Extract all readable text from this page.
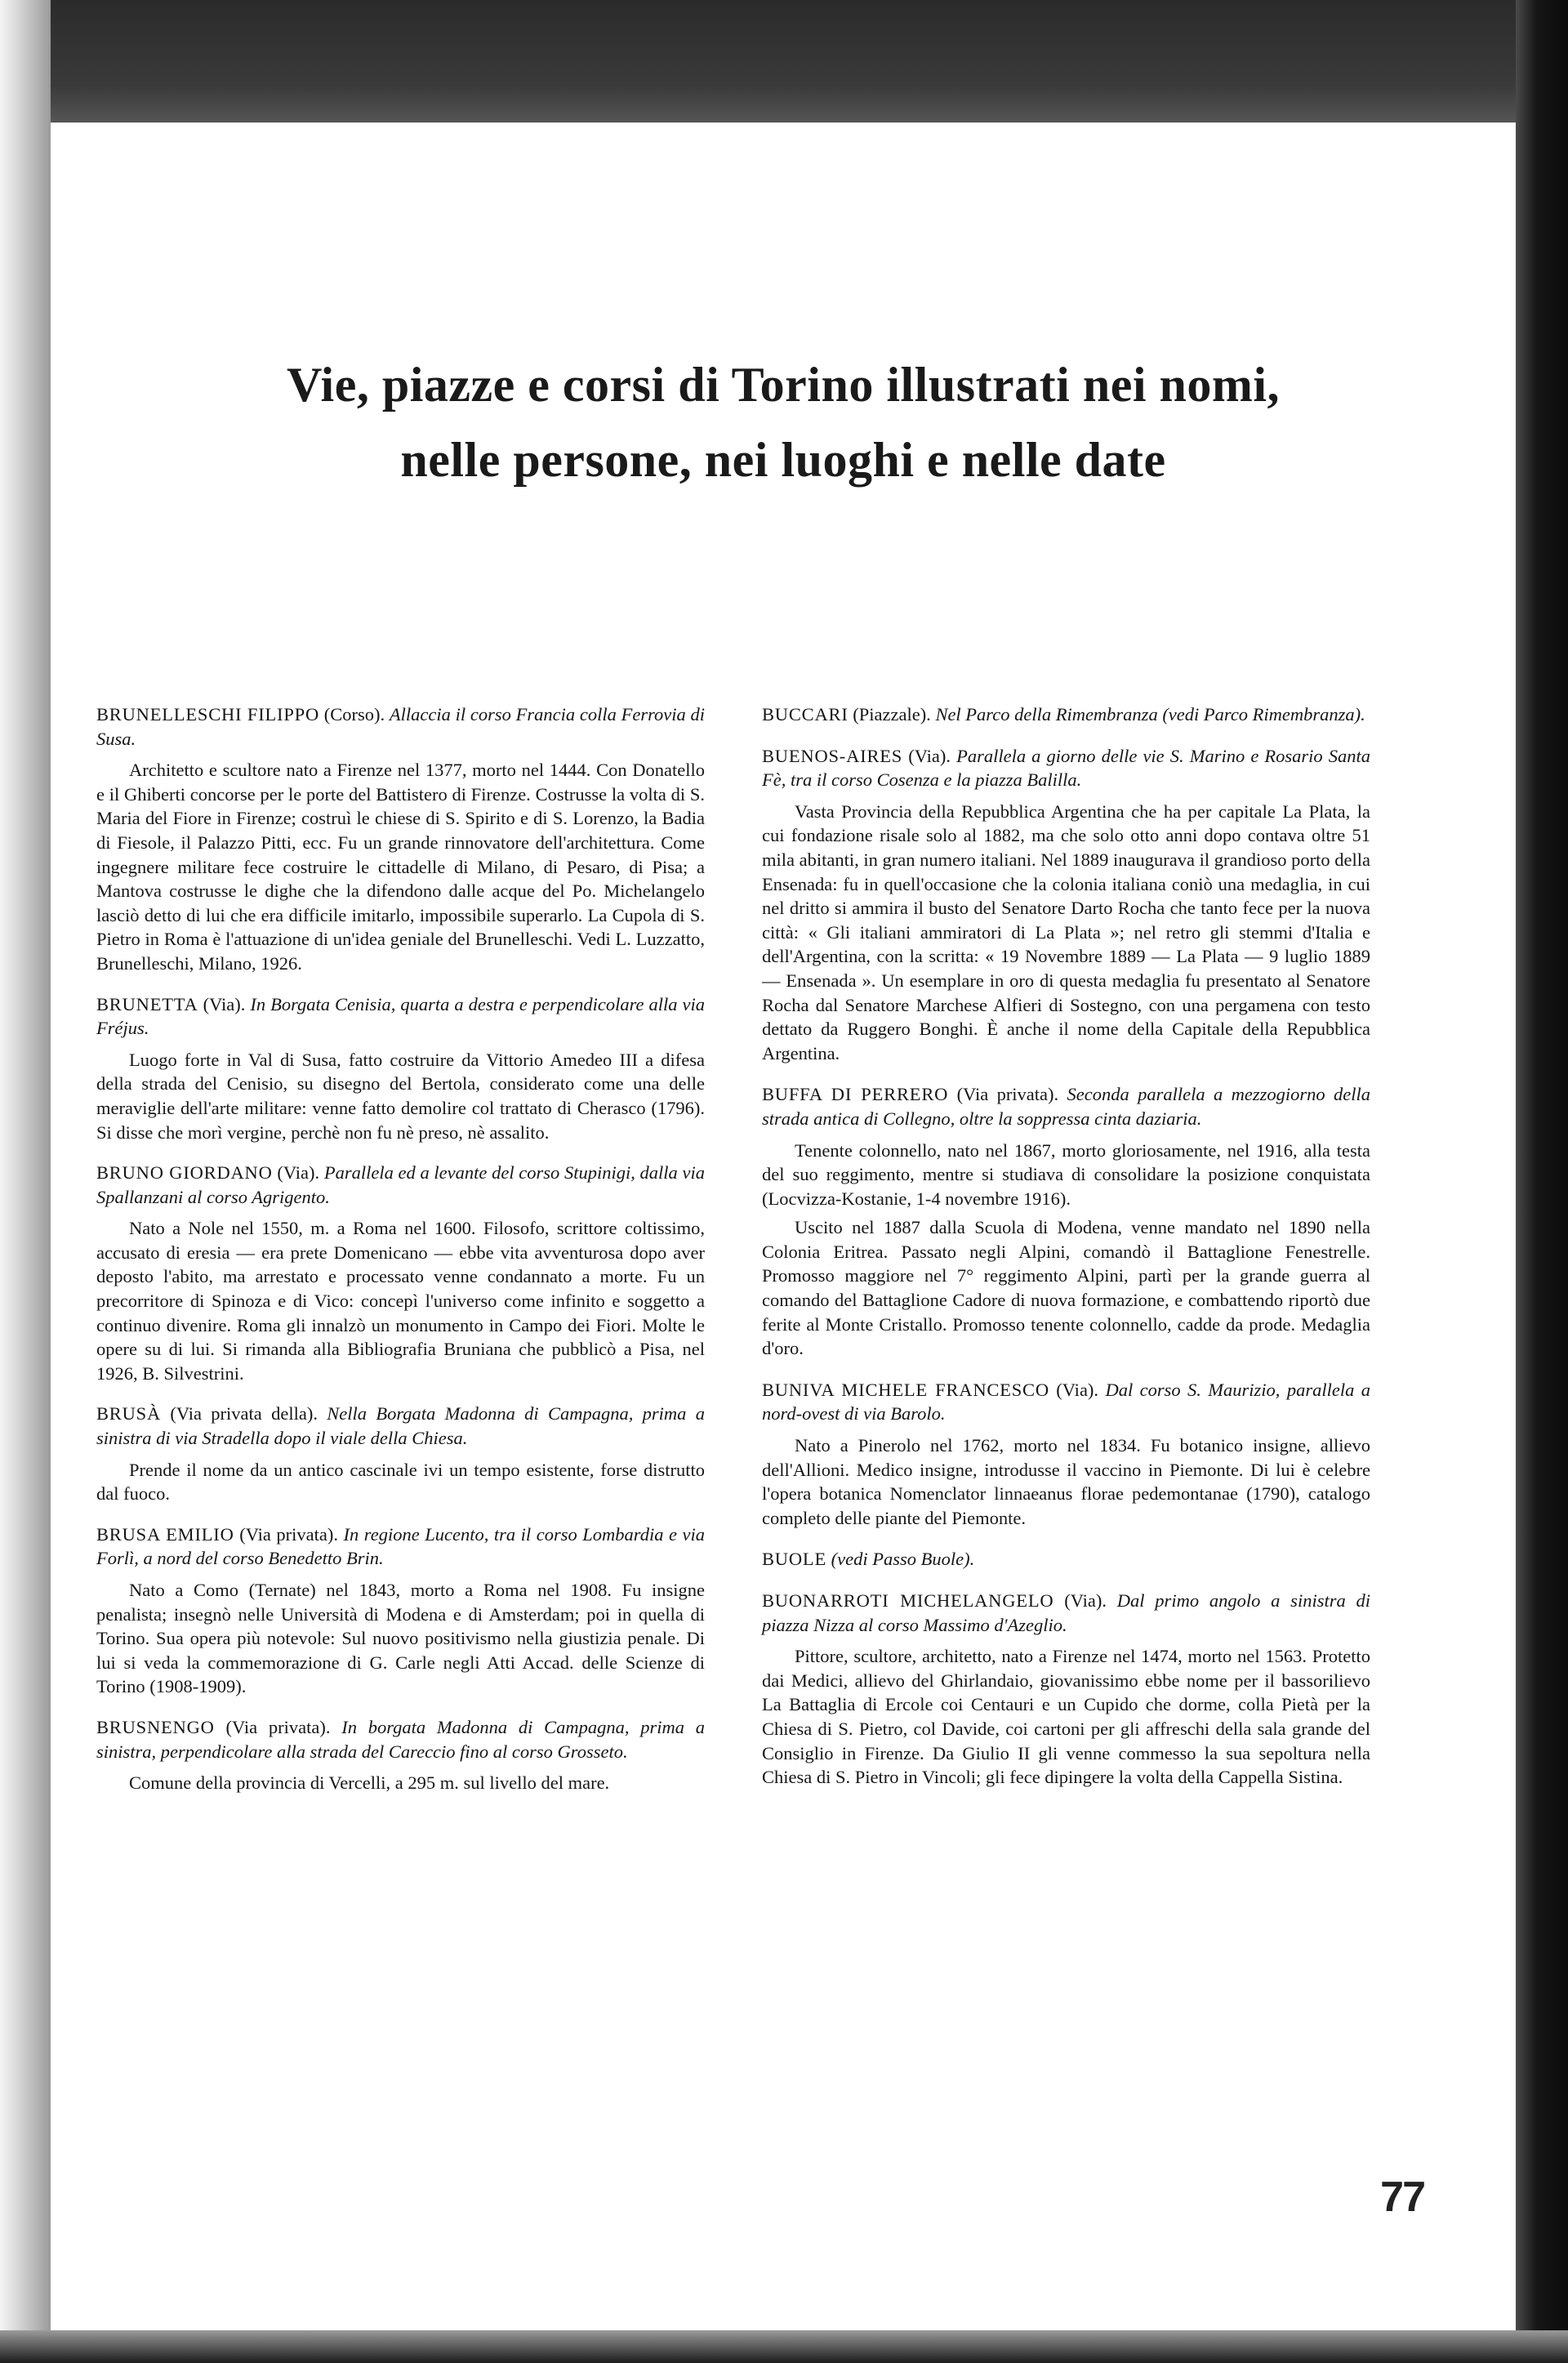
Vie, piazze e corsi di Torino illustrati nei nomi,
nelle persone, nei luoghi e nelle date
BRUNELLESCHI FILIPPO (Corso). Allaccia il corso Francia colla Ferrovia di Susa.

Architetto e scultore nato a Firenze nel 1377, morto nel 1444. Con Donatello e il Ghiberti concorse per le porte del Battistero di Firenze. Costrusse la volta di S. Maria del Fiore in Firenze; costruì le chiese di S. Spirito e di S. Lorenzo, la Badia di Fiesole, il Palazzo Pitti, ecc. Fu un grande rinnovatore dell'architettura. Come ingegnere militare fece costruire le cittadelle di Milano, di Pesaro, di Pisa; a Mantova costrusse le dighe che la difendono dalle acque del Po. Michelangelo lasciò detto di lui che era difficile imitarlo, impossibile superarlo. La Cupola di S. Pietro in Roma è l'attuazione di un'idea geniale del Brunelleschi. Vedi L. Luzzatto, Brunelleschi, Milano, 1926.

BRUNETTA (Via). In Borgata Cenisia, quarta a destra e perpendicolare alla via Fréjus.

Luogo forte in Val di Susa, fatto costruire da Vittorio Amedeo III a difesa della strada del Cenisio, su disegno del Bertola, considerato come una delle meraviglie dell'arte militare: venne fatto demolire col trattato di Cherasco (1796). Si disse che morì vergine, perchè non fu nè preso, nè assalito.

BRUNO GIORDANO (Via). Parallela ed a levante del corso Stupinigi, dalla via Spallanzani al corso Agrigento.

Nato a Nole nel 1550, m. a Roma nel 1600. Filosofo, scrittore coltissimo, accusato di eresia — era prete Domenicano — ebbe vita avventurosa dopo aver deposto l'abito, ma arrestato e processato venne condannato a morte. Fu un precorritore di Spinoza e di Vico: concepì l'universo come infinito e soggetto a continuo divenire. Roma gli innalzò un monumento in Campo dei Fiori. Molte le opere su di lui. Si rimanda alla Bibliografia Bruniana che pubblicò a Pisa, nel 1926, B. Silvestrini.

BRUSÀ (Via privata della). Nella Borgata Madonna di Campagna, prima a sinistra di via Stradella dopo il viale della Chiesa.

Prende il nome da un antico cascinale ivi un tempo esistente, forse distrutto dal fuoco.

BRUSA EMILIO (Via privata). In regione Lucento, tra il corso Lombardia e via Forlì, a nord del corso Benedetto Brin.

Nato a Como (Ternate) nel 1843, morto a Roma nel 1908. Fu insigne penalista; insegnò nelle Università di Modena e di Amsterdam; poi in quella di Torino. Sua opera più notevole: Sul nuovo positivismo nella giustizia penale. Di lui si veda la commemorazione di G. Carle negli Atti Accad. delle Scienze di Torino (1908-1909).

BRUSNENGO (Via privata). In borgata Madonna di Campagna, prima a sinistra, perpendicolare alla strada del Careccio fino al corso Grosseto.

Comune della provincia di Vercelli, a 295 m. sul livello del mare.

BUCCARI (Piazzale). Nel Parco della Rimembranza (vedi Parco Rimembranza).
BUENOS-AIRES (Via). Parallela a giorno delle vie S. Marino e Rosario Santa Fè, tra il corso Cosenza e la piazza Balilla.

Vasta Provincia della Repubblica Argentina che ha per capitale La Plata, la cui fondazione risale solo al 1882, ma che solo otto anni dopo contava oltre 51 mila abitanti, in gran numero italiani. Nel 1889 inaugurava il grandioso porto della Ensenada: fu in quell'occasione che la colonia italiana coniò una medaglia, in cui nel dritto si ammira il busto del Senatore Darto Rocha che tanto fece per la nuova città: « Gli italiani ammiratori di La Plata »; nel retro gli stemmi d'Italia e dell'Argentina, con la scritta: « 19 Novembre 1889 — La Plata — 9 luglio 1889 — Ensenada ». Un esemplare in oro di questa medaglia fu presentato al Senatore Rocha dal Senatore Marchese Alfieri di Sostegno, con una pergamena con testo dettato da Ruggero Bonghi. È anche il nome della Capitale della Repubblica Argentina.

BUFFA DI PERRERO (Via privata). Seconda parallela a mezzogiorno della strada antica di Collegno, oltre la soppressa cinta daziaria.

Tenente colonnello, nato nel 1867, morto gloriosamente, nel 1916, alla testa del suo reggimento, mentre si studiava di consolidare la posizione conquistata (Locvizza-Kostanie, 1-4 novembre 1916).

Uscito nel 1887 dalla Scuola di Modena, venne mandato nel 1890 nella Colonia Eritrea. Passato negli Alpini, comandò il Battaglione Fenestrelle. Promosso maggiore nel 7° reggimento Alpini, partì per la grande guerra al comando del Battaglione Cadore di nuova formazione, e combattendo riportò due ferite al Monte Cristallo. Promosso tenente colonnello, cadde da prode. Medaglia d'oro.

BUNIVA MICHELE FRANCESCO (Via). Dal corso S. Maurizio, parallela a nord-ovest di via Barolo.

Nato a Pinerolo nel 1762, morto nel 1834. Fu botanico insigne, allievo dell'Allioni. Medico insigne, introdusse il vaccino in Piemonte. Di lui è celebre l'opera botanica Nomenclator linnaeanus florae pedemontanae (1790), catalogo completo delle piante del Piemonte.

BUOLE (vedi Passo Buole).
BUONARROTI MICHELANGELO (Via). Dal primo angolo a sinistra di piazza Nizza al corso Massimo d'Azeglio.

Pittore, scultore, architetto, nato a Firenze nel 1474, morto nel 1563. Protetto dai Medici, allievo del Ghirlandaio, giovanissimo ebbe nome per il bassorilievo La Battaglia di Ercole coi Centauri e un Cupido che dorme, colla Pietà per la Chiesa di S. Pietro, col Davide, coi cartoni per gli affreschi della sala grande del Consiglio in Firenze. Da Giulio II gli venne commesso la sua sepoltura nella Chiesa di S. Pietro in Vincoli; gli fece dipingere la volta della Cappella Sistina.

77
